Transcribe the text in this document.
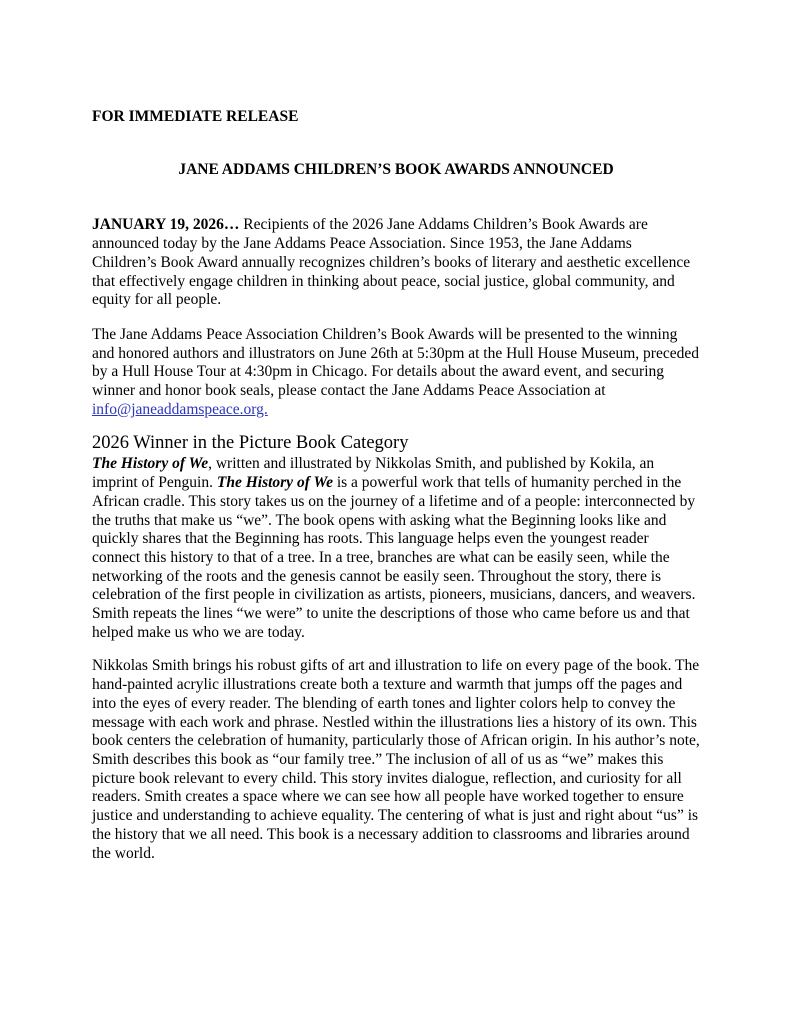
FOR IMMEDIATE RELEASE

JANE ADDAMS CHILDREN’S BOOK AWARDS ANNOUNCED

JANUARY 19, 2026… Recipients of the 2026 Jane Addams Children’s Book Awards are announced today by the Jane Addams Peace Association. Since 1953, the Jane Addams Children’s Book Award annually recognizes children’s books of literary and aesthetic excellence that effectively engage children in thinking about peace, social justice, global community, and equity for all people.

The Jane Addams Peace Association Children’s Book Awards will be presented to the winning and honored authors and illustrators on June 26th at 5:30pm at the Hull House Museum, preceded by a Hull House Tour at 4:30pm in Chicago. For details about the award event, and securing winner and honor book seals, please contact the Jane Addams Peace Association at info@janeaddamspeace.org.

2026 Winner in the Picture Book Category

The History of We, written and illustrated by Nikkolas Smith, and published by Kokila, an imprint of Penguin. The History of We is a powerful work that tells of humanity perched in the African cradle. This story takes us on the journey of a lifetime and of a people: interconnected by the truths that make us “we”. The book opens with asking what the Beginning looks like and quickly shares that the Beginning has roots. This language helps even the youngest reader connect this history to that of a tree. In a tree, branches are what can be easily seen, while the networking of the roots and the genesis cannot be easily seen. Throughout the story, there is celebration of the first people in civilization as artists, pioneers, musicians, dancers, and weavers. Smith repeats the lines “we were” to unite the descriptions of those who came before us and that helped make us who we are today.

Nikkolas Smith brings his robust gifts of art and illustration to life on every page of the book. The hand-painted acrylic illustrations create both a texture and warmth that jumps off the pages and into the eyes of every reader. The blending of earth tones and lighter colors help to convey the message with each work and phrase. Nestled within the illustrations lies a history of its own. This book centers the celebration of humanity, particularly those of African origin. In his author’s note, Smith describes this book as “our family tree.” The inclusion of all of us as “we” makes this picture book relevant to every child. This story invites dialogue, reflection, and curiosity for all readers. Smith creates a space where we can see how all people have worked together to ensure justice and understanding to achieve equality. The centering of what is just and right about “us” is the history that we all need. This book is a necessary addition to classrooms and libraries around the world.
